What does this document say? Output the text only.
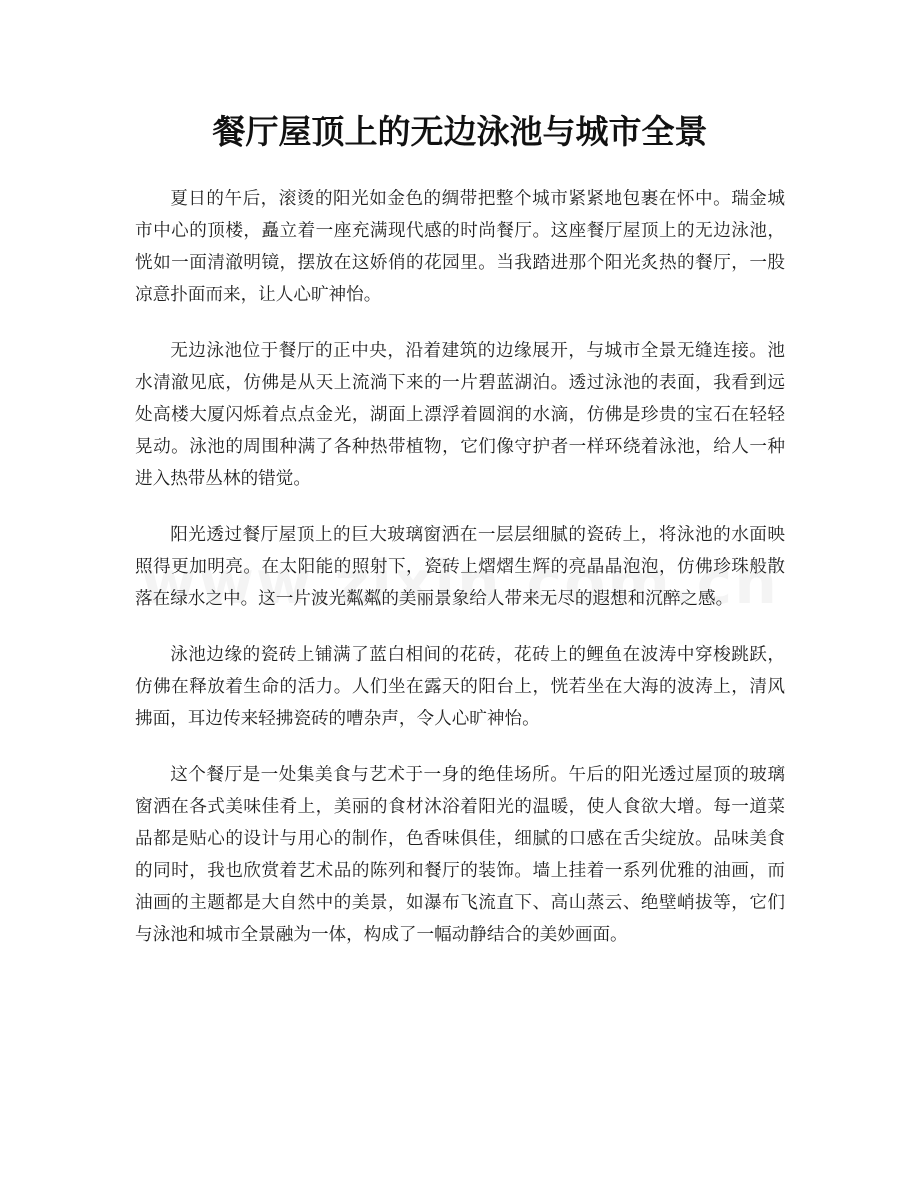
餐厅屋顶上的无边泳池与城市全景

夏日的午后，滚烫的阳光如金色的绸带把整个城市紧紧地包裹在怀中。瑞金城市中心的顶楼，矗立着一座充满现代感的时尚餐厅。这座餐厅屋顶上的无边泳池，恍如一面清澈明镜，摆放在这娇俏的花园里。当我踏进那个阳光炙热的餐厅，一股凉意扑面而来，让人心旷神怡。

无边泳池位于餐厅的正中央，沿着建筑的边缘展开，与城市全景无缝连接。池水清澈见底，仿佛是从天上流淌下来的一片碧蓝湖泊。透过泳池的表面，我看到远处高楼大厦闪烁着点点金光，湖面上漂浮着圆润的水滴，仿佛是珍贵的宝石在轻轻晃动。泳池的周围种满了各种热带植物，它们像守护者一样环绕着泳池，给人一种进入热带丛林的错觉。

阳光透过餐厅屋顶上的巨大玻璃窗洒在一层层细腻的瓷砖上，将泳池的水面映照得更加明亮。在太阳能的照射下，瓷砖上熠熠生辉的亮晶晶泡泡，仿佛珍珠般散落在绿水之中。这一片波光粼粼的美丽景象给人带来无尽的遐想和沉醉之感。

泳池边缘的瓷砖上铺满了蓝白相间的花砖，花砖上的鲤鱼在波涛中穿梭跳跃，仿佛在释放着生命的活力。人们坐在露天的阳台上，恍若坐在大海的波涛上，清风拂面，耳边传来轻拂瓷砖的嘈杂声，令人心旷神怡。

这个餐厅是一处集美食与艺术于一身的绝佳场所。午后的阳光透过屋顶的玻璃窗洒在各式美味佳肴上，美丽的食材沐浴着阳光的温暖，使人食欲大增。每一道菜品都是贴心的设计与用心的制作，色香味俱佳，细腻的口感在舌尖绽放。品味美食的同时，我也欣赏着艺术品的陈列和餐厅的装饰。墙上挂着一系列优雅的油画，而油画的主题都是大自然中的美景，如瀑布飞流直下、高山蒸云、绝壁峭拔等，它们与泳池和城市全景融为一体，构成了一幅动静结合的美妙画面。
